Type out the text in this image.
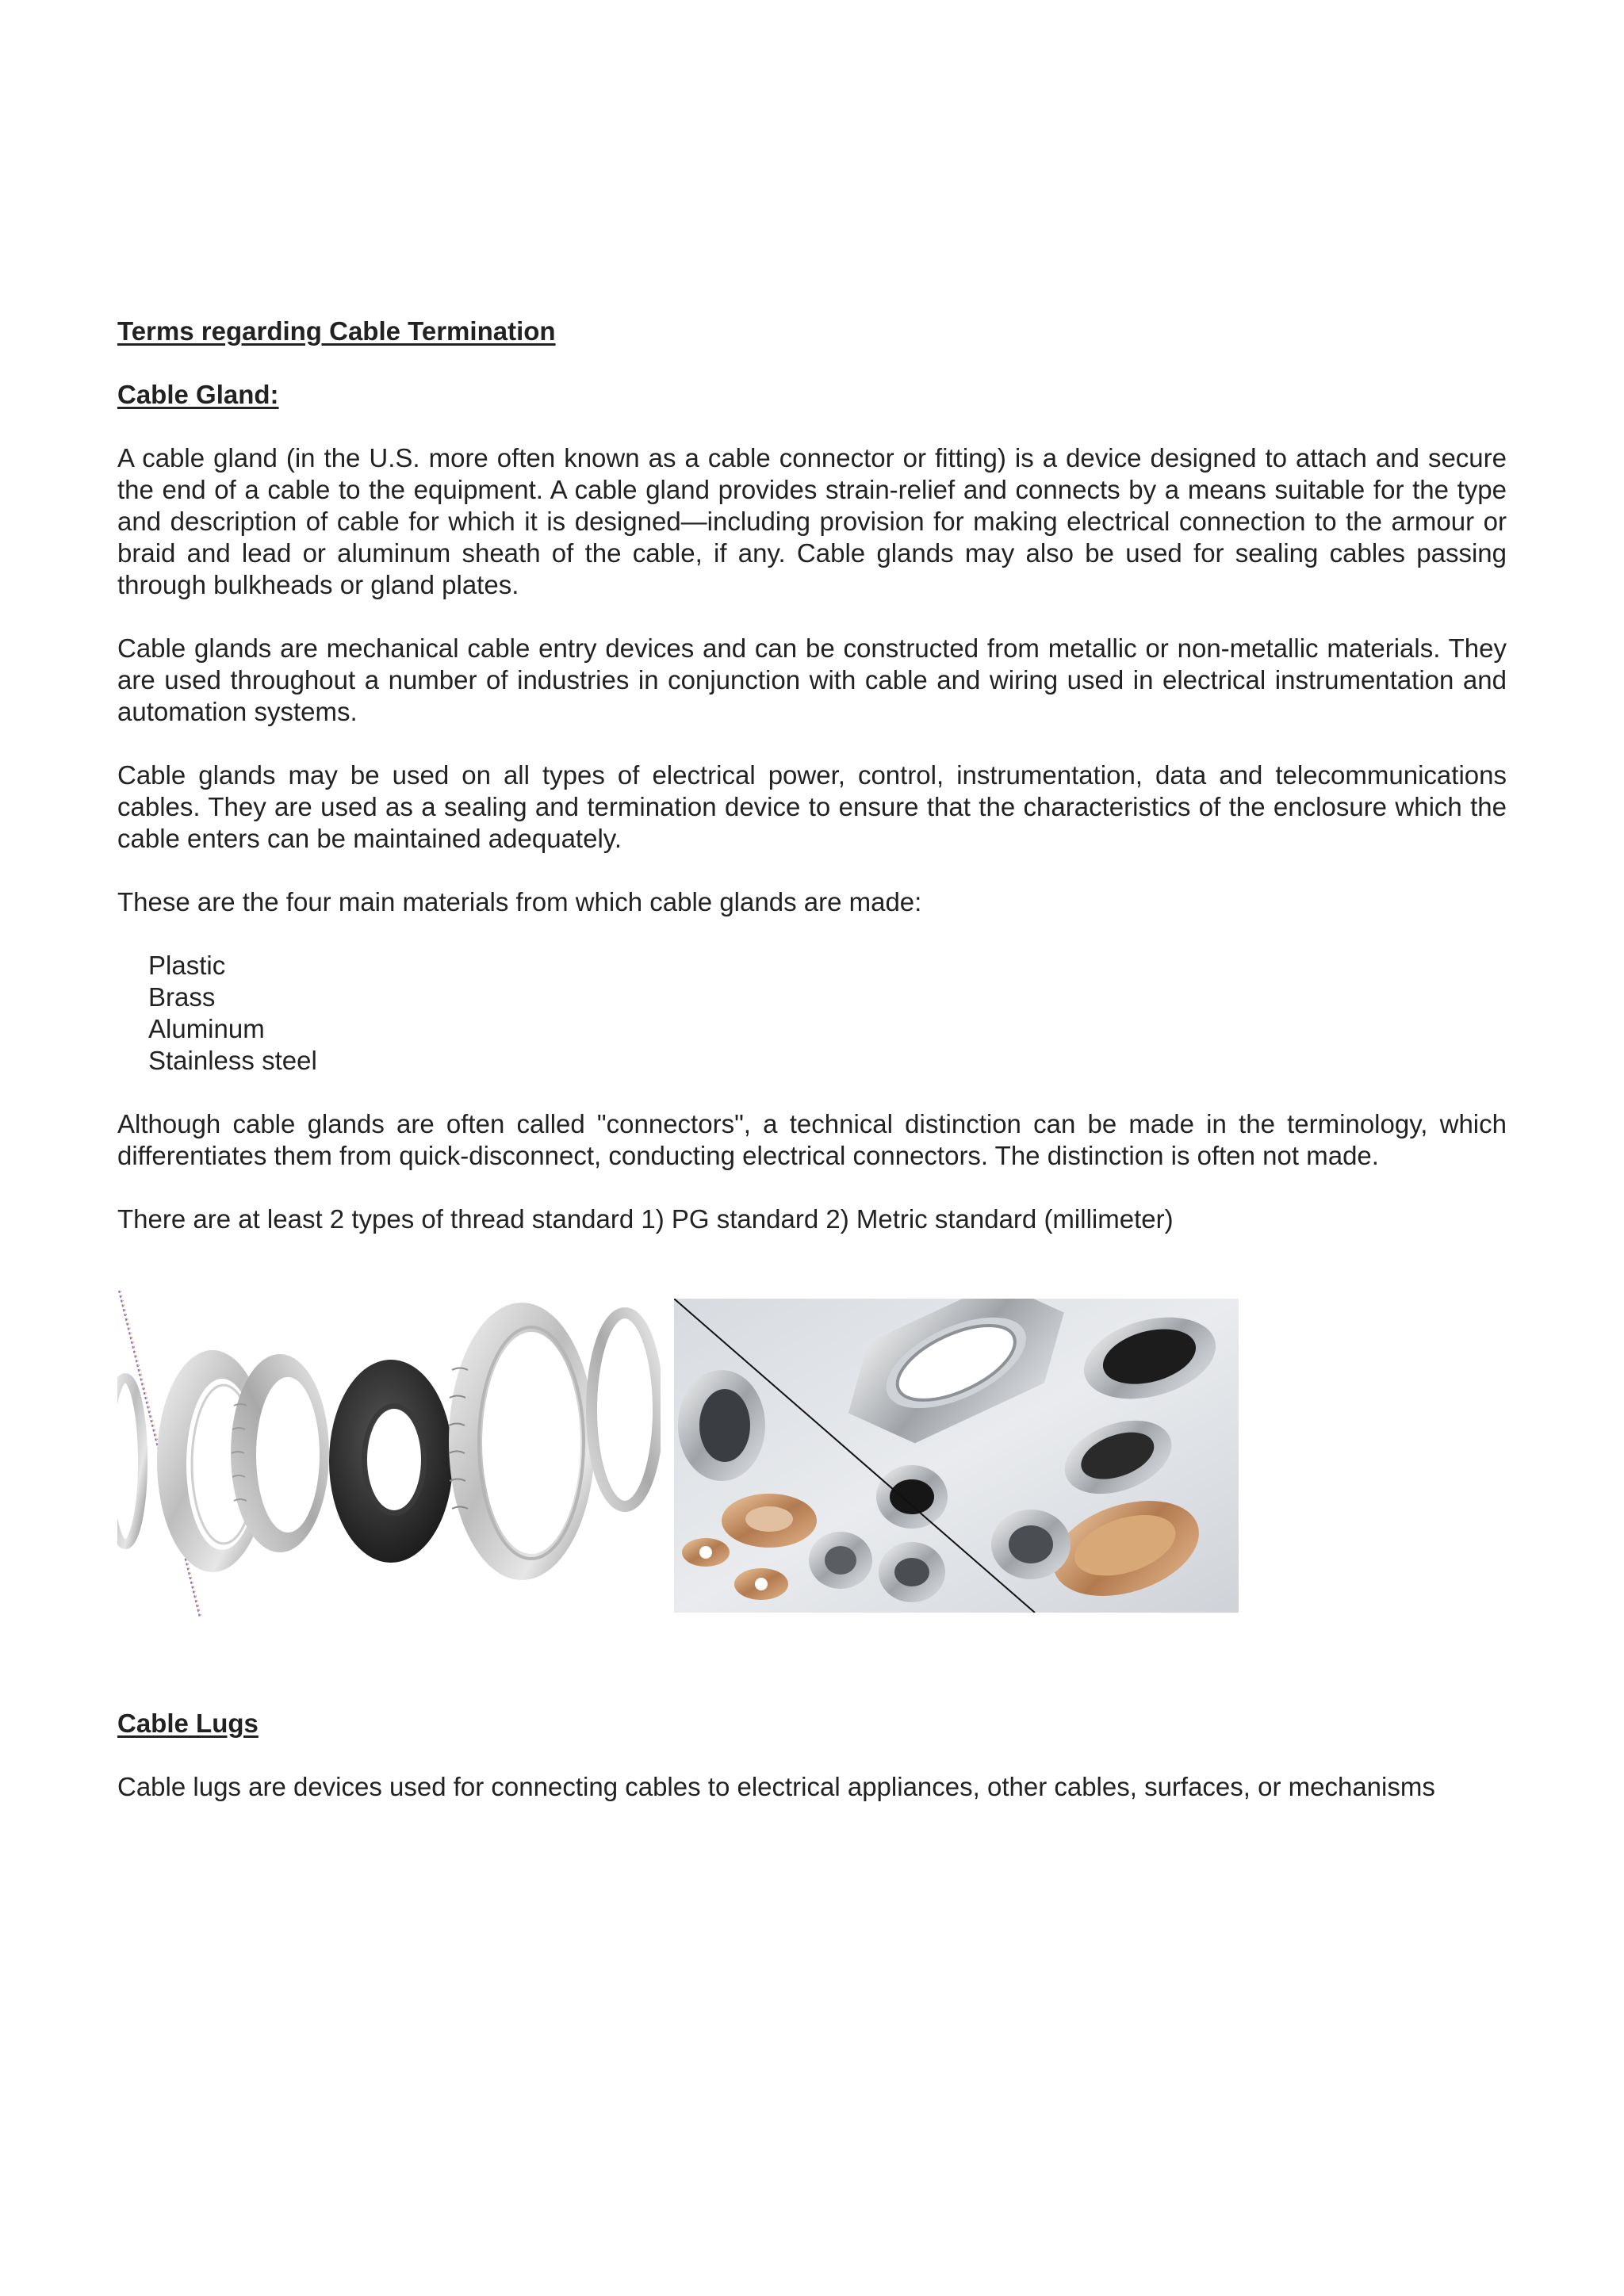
Terms regarding Cable Termination
Cable Gland:

A cable gland (in the U.S. more often known as a cable connector or fitting) is a device designed to attach and secure the end of a cable to the equipment. A cable gland provides strain-relief and connects by a means suitable for the type and description of cable for which it is designed—including provision for making electrical connection to the armour or braid and lead or aluminum sheath of the cable, if any. Cable glands may also be used for sealing cables passing through bulkheads or gland plates.

Cable glands are mechanical cable entry devices and can be constructed from metallic or non-metallic materials. They are used throughout a number of industries in conjunction with cable and wiring used in electrical instrumentation and automation systems.

Cable glands may be used on all types of electrical power, control, instrumentation, data and telecommunications cables. They are used as a sealing and termination device to ensure that the characteristics of the enclosure which the cable enters can be maintained adequately.

These are the four main materials from which cable glands are made:

Plastic
Brass
Aluminum
Stainless steel

Although cable glands are often called "connectors", a technical distinction can be made in the terminology, which differentiates them from quick-disconnect, conducting electrical connectors. The distinction is often not made.

There are at least 2 types of thread standard 1) PG standard 2) Metric standard (millimeter)

Cable Lugs

Cable lugs are devices used for connecting cables to electrical appliances, other cables, surfaces, or mechanisms
